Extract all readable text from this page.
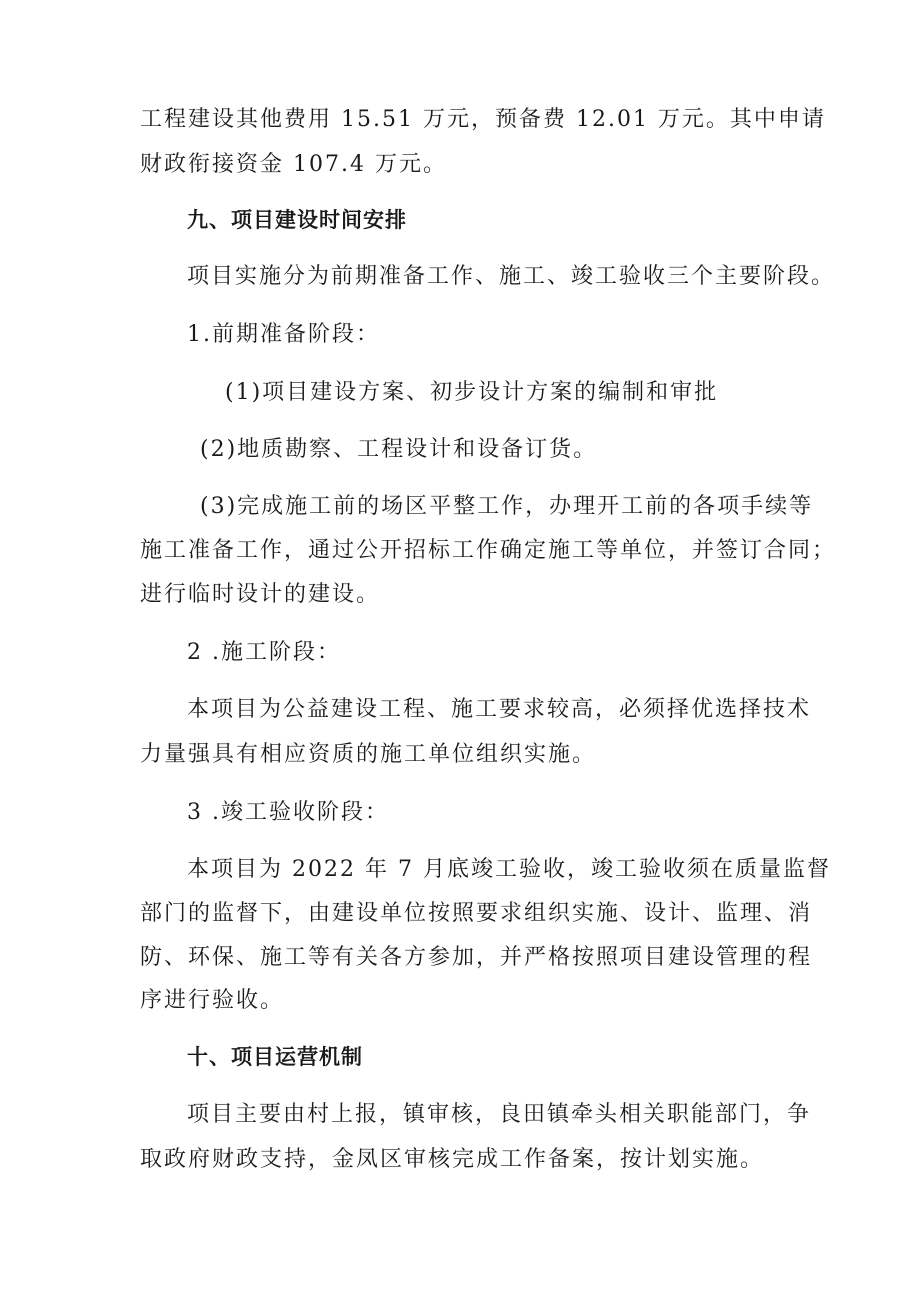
工程建设其他费用 15.51 万元，预备费 12.01 万元。其中申请
财政衔接资金 107.4 万元。
九、项目建设时间安排
项目实施分为前期准备工作、施工、竣工验收三个主要阶段。
1.前期准备阶段：
(1)项目建设方案、初步设计方案的编制和审批
(2)地质勘察、工程设计和设备订货。
(3)完成施工前的场区平整工作，办理开工前的各项手续等
施工准备工作，通过公开招标工作确定施工等单位，并签订合同；
进行临时设计的建设。
2 .施工阶段：
本项目为公益建设工程、施工要求较高，必须择优选择技术
力量强具有相应资质的施工单位组织实施。
3 .竣工验收阶段：
本项目为 2022 年 7 月底竣工验收，竣工验收须在质量监督
部门的监督下，由建设单位按照要求组织实施、设计、监理、消
防、环保、施工等有关各方参加，并严格按照项目建设管理的程
序进行验收。
十、项目运营机制
项目主要由村上报，镇审核，良田镇牵头相关职能部门，争
取政府财政支持，金凤区审核完成工作备案，按计划实施。
